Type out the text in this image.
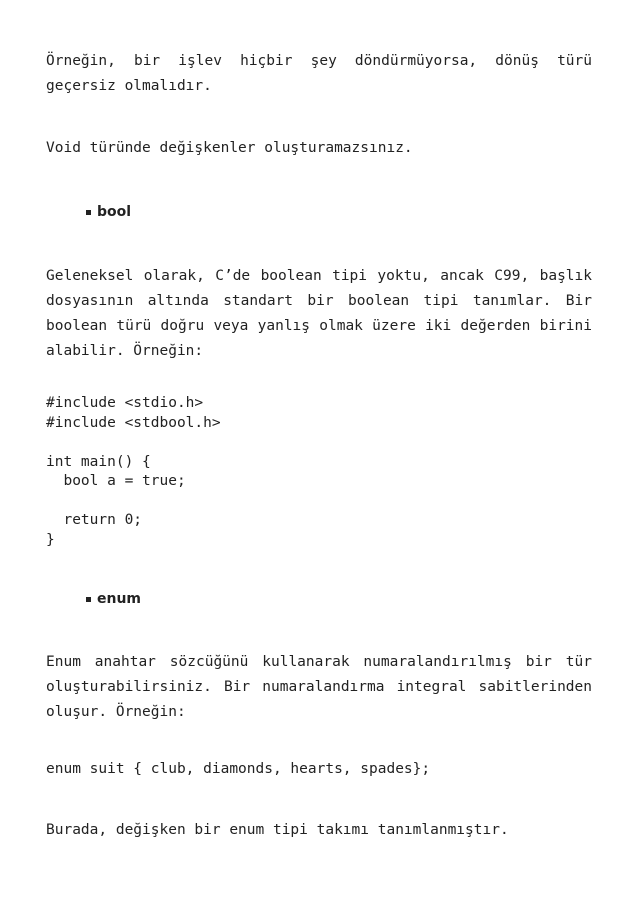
Örneğin, bir işlev hiçbir şey döndürmüyorsa, dönüş türü geçersiz olmalıdır.

Void türünde değişkenler oluşturamazsınız.

bool

Geleneksel olarak, C’de boolean tipi yoktu, ancak C99, başlık dosyasının altında standart bir boolean tipi tanımlar. Bir boolean türü doğru veya yanlış olmak üzere iki değerden birini alabilir. Örneğin:

#include <stdio.h>
#include <stdbool.h>
int main() {
bool a = true;
return 0;
}
enum

Enum anahtar sözcüğünü kullanarak numaralandırılmış bir tür oluşturabilirsiniz. Bir numaralandırma integral sabitlerinden oluşur. Örneğin:

enum suit { club, diamonds, hearts, spades};

Burada, değişken bir enum tipi takımı tanımlanmıştır.
